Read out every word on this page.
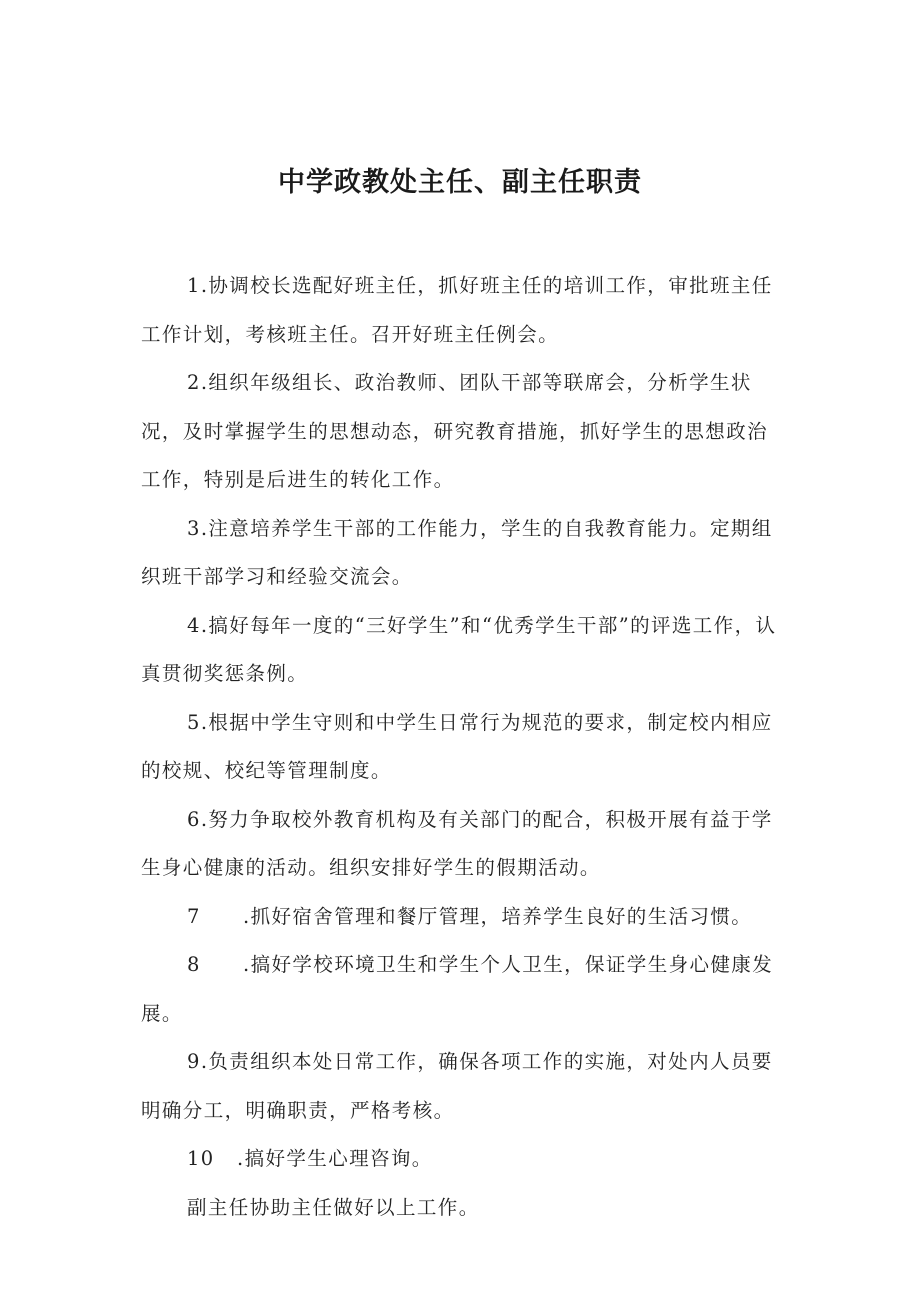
中学政教处主任、副主任职责

1.协调校长选配好班主任，抓好班主任的培训工作，审批班主任工作计划，考核班主任。召开好班主任例会。

2.组织年级组长、政治教师、团队干部等联席会，分析学生状况，及时掌握学生的思想动态，研究教育措施，抓好学生的思想政治工作，特别是后进生的转化工作。

3.注意培养学生干部的工作能力，学生的自我教育能力。定期组织班干部学习和经验交流会。

4.搞好每年一度的“三好学生”和“优秀学生干部”的评选工作，认真贯彻奖惩条例。

5.根据中学生守则和中学生日常行为规范的要求，制定校内相应的校规、校纪等管理制度。

6.努力争取校外教育机构及有关部门的配合，积极开展有益于学生身心健康的活动。组织安排好学生的假期活动。

7 .抓好宿舍管理和餐厅管理，培养学生良好的生活习惯。

8 .搞好学校环境卫生和学生个人卫生，保证学生身心健康发展。

9.负责组织本处日常工作，确保各项工作的实施，对处内人员要明确分工，明确职责，严格考核。

10 .搞好学生心理咨询。

副主任协助主任做好以上工作。
